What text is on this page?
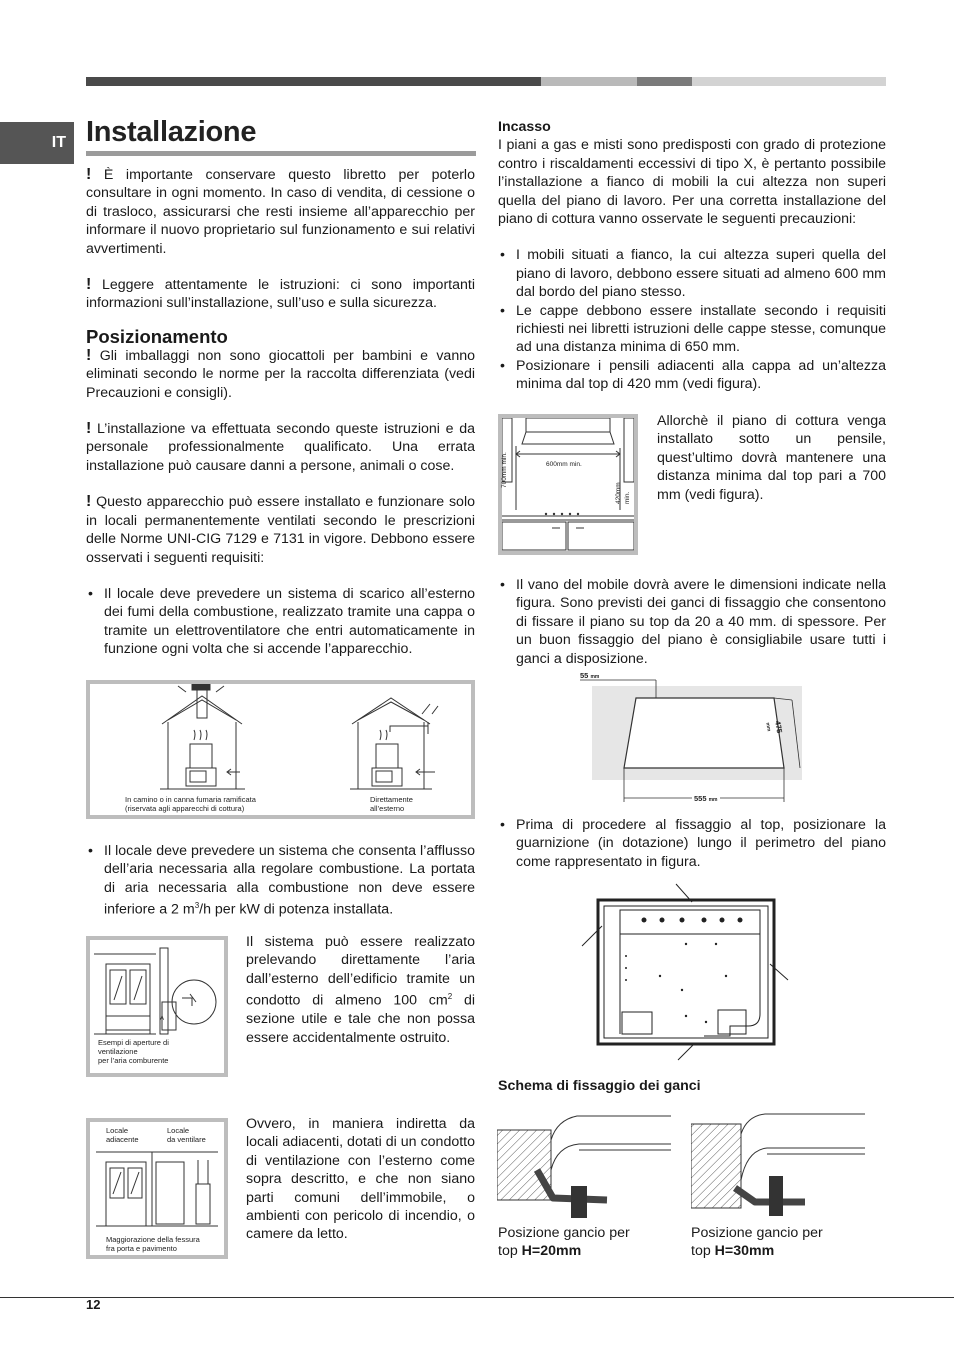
IT Installazione

! È importante conservare questo libretto per poterlo consultare in ogni momento. In caso di vendita, di cessione o di trasloco, assicurarsi che resti insieme all’apparecchio per informare il nuovo proprietario sul funzionamento e sui relativi avvertimenti.

! Leggere attentamente le istruzioni: ci sono importanti informazioni sull’installazione, sull’uso e sulla sicurezza.

Posizionamento

! Gli imballaggi non sono giocattoli per bambini e vanno eliminati secondo le norme per la raccolta differenziata (vedi Precauzioni e consigli).

! L’installazione va effettuata secondo queste istruzioni e da personale professionalmente qualificato. Una errata installazione può causare danni a persone, animali o cose.

! Questo apparecchio può essere installato e funzionare solo in locali permanentemente ventilati secondo le prescrizioni delle Norme UNI-CIG 7129 e 7131 in vigore. Debbono essere osservati i seguenti requisiti:

• Il locale deve prevedere un sistema di scarico all’esterno dei fumi della combustione, realizzato tramite una cappa o tramite un elettroventilatore che entri automaticamente in funzione ogni volta che si accende l’apparecchio.
In camino o in canna fumaria ramificata
(riservata agli apparecchi di cottura)
Direttamente
all’esterno
• Il locale deve prevedere un sistema che consenta l’afflusso dell’aria necessaria alla regolare combustione. La portata di aria necessaria alla combustione non deve essere inferiore a 2 $m^3/h$ per kW di potenza installata.
A
Esempi di aperture di
ventilazione
per l’aria comburente
Il sistema può essere realizzato prelevando direttamente l’aria dall’esterno dell’edificio tramite un condotto di almeno 100 $cm^2$ di sezione utile e tale che non possa essere accidentalmente ostruito.
Locale
adiacente
Locale
da ventilare
Maggiorazione della fessura
fra porta e pavimento
Ovvero, in maniera indiretta da locali adiacenti, dotati di un condotto di ventilazione con l’esterno come sopra descritto, e che non siano parti comuni dell’immobile, o ambienti con pericolo di incendio, o camere da letto.
Incasso

I piani a gas e misti sono predisposti con grado di protezione contro i riscaldamenti eccessivi di tipo X, è pertanto possibile l’installazione a fianco di mobili la cui altezza non superi quella del piano di lavoro. Per una corretta installazione del piano di cottura vanno osservate le seguenti precauzioni:

• I mobili situati a fianco, la cui altezza superi quella del piano di lavoro, debbono essere situati ad almeno 600 mm dal bordo del piano stesso.
• Le cappe debbono essere installate secondo i requisiti richiesti nei libretti istruzioni delle cappe stesse, comunque ad una distanza minima di 650 mm.
• Posizionare i pensili adiacenti alla cappa ad un’altezza minima dal top di 420 mm (vedi figura).
600mm min.
700mm min.
420mm min.
Allorchè il piano di cottura venga installato sotto un pensile, quest’ultimo dovrà mantenere una distanza minima dal top pari a 700 mm (vedi figura).
• Il vano del mobile dovrà avere le dimensioni indicate nella figura. Sono previsti dei ganci di fissaggio che consentono di fissare il piano su top da 20 a 40 mm. di spessore. Per un buon fissaggio del piano è consigliabile usare tutti i ganci a disposizione.
55 mm
475 mm
555 mm
• Prima di procedere al fissaggio al top, posizionare la guarnizione (in dotazione) lungo il perimetro del piano come rappresentato in figura.
Schema di fissaggio dei ganci
Posizione gancio per
top H=20mm
Posizione gancio per
top H=30mm
12
